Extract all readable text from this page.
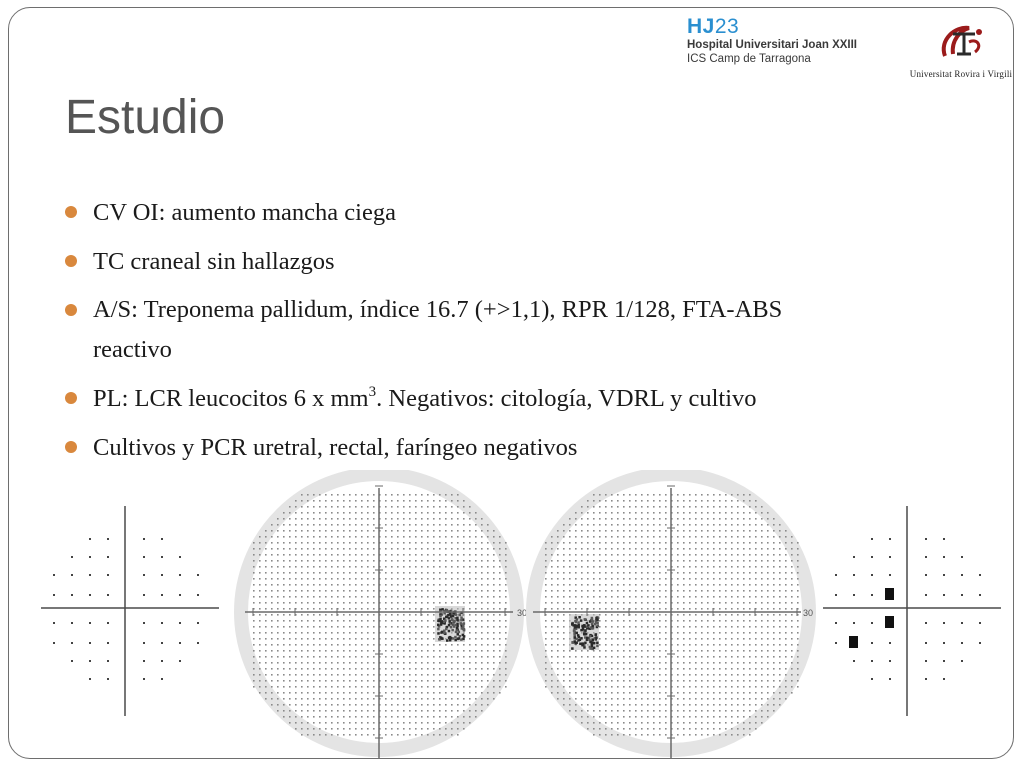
HJ23
Hospital Universitari Joan XXIII
ICS Camp de Tarragona
Universitat Rovira i Virgili
Estudio
CV OI: aumento mancha ciega
TC craneal sin hallazgos
A/S: Treponema pallidum, índice 16.7 (+>1,1), RPR 1/128, FTA-ABS
reactivo
PL: LCR leucocitos 6 x $mm^3$. Negativos: citología, VDRL y cultivo
Cultivos y PCR uretral, rectal, faríngeo negativos
30	30
